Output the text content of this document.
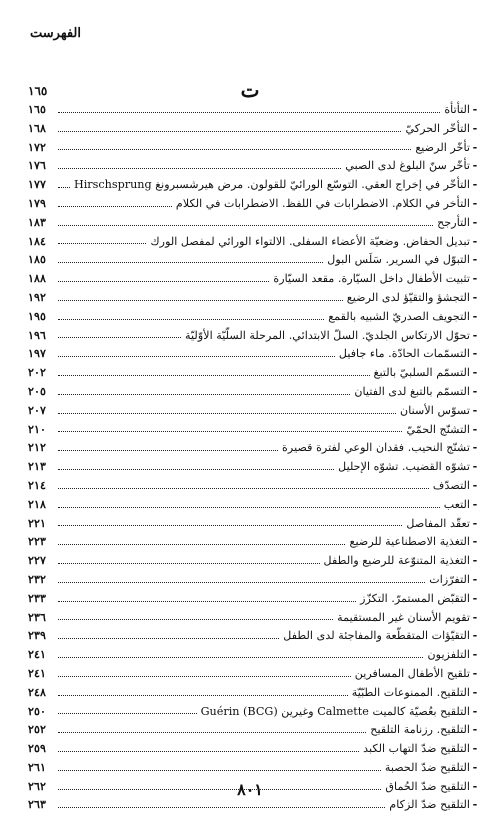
الفهرست
ت
١٦٥
-
التأتأة
١٦٥
-
التأخّر الحركيّ
١٦٨
-
تأخّر الرضيع
١٧٢
-
تأخّر سنّ البلوغ لدى الصبي
١٧٦
-
التأخّر في إخراج العقي. التوسّع الورائيّ للقولون. مرض هيرشسبرونغ Hirschsprung
١٧٧
-
التأخر في الكلام. الاضطرابات في اللفظ. الاضطرابات في الكلام
١٧٩
-
التأرجح
١٨٣
-
تبديل الحفاض. وضعيّة الأعضاء السفلى. الالتواء الورائي لمفصل الورك
١٨٤
-
التبوّل في السرير. سَلَس البول
١٨٥
-
تثبيت الأطفال داخل السيّارة. مقعد السيّارة
١٨٨
-
التجشؤ والتقيّؤ لدى الرضيع
١٩٢
-
التجويف الصدريّ الشبيه بالقمع
١٩٥
-
تحوّل الارتكاس الجلديّ. السلّ الابتدائي. المرحلة السلّيّة الأوّليّة
١٩٦
-
التسمّمات الحادّة. ماء جافيل
١٩٧
-
التسمّم السلبيّ بالتبغ
٢٠٢
-
التسمّم بالتبغ لدى الفتيان
٢٠٥
-
تسوّس الأسنان
٢٠٧
-
التشنّج الحمّيّ
٢١٠
-
تشنّج النحيب. فقدان الوعي لفترة قصيرة
٢١٢
-
تشوّه القضيب. تشوّه الإحليل
٢١٣
-
التصدّف
٢١٤
-
التعب
٢١٨
-
تعقّد المفاصل
٢٢١
-
التغذية الاصطناعية للرضيع
٢٢٣
-
التغذية المتنوّعة للرضيع والطفل
٢٢٧
-
التفرّزات
٢٣٢
-
التقبّض المستمرّ. التكزّز
٢٣٣
-
تقويم الأسنان غير المستقيمة
٢٣٦
-
التقيّؤات المتقطّعة والمفاجئة لدى الطفل
٢٣٩
-
التلفزيون
٢٤١
-
تلقيح الأطفال المسافرين
٢٤١
-
التلقيح. الممنوعات الطبّيّة
٢٤٨
-
التلقيح بعُصيّة كالميت Calmette وغيرين Guérin (BCG)
٢٥٠
-
التلقيح. رزنامة التلقيح
٢٥٢
-
التلقيح ضدّ التهاب الكبد
٢٥٩
-
التلقيح ضدّ الحصبة
٢٦١
-
التلقيح ضدّ الحُماق
٢٦٢
-
التلقيح ضدّ الزكام
٢٦٣
٨٠١
